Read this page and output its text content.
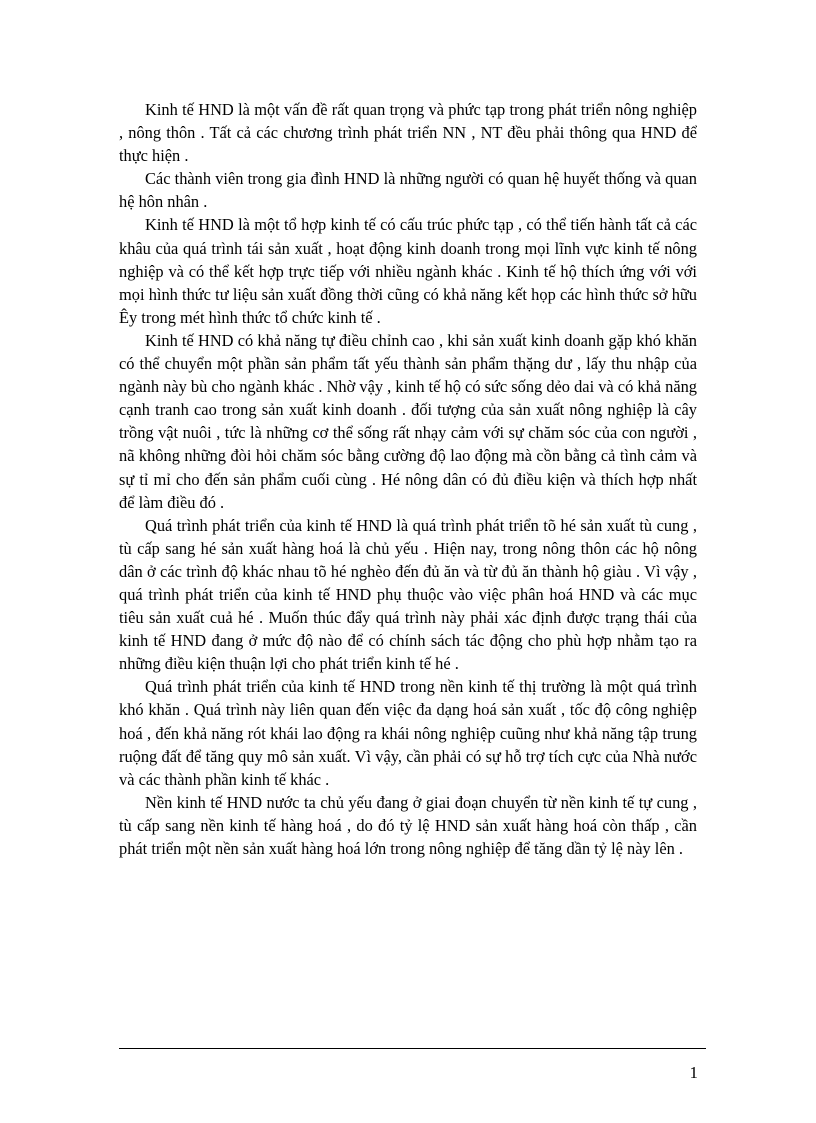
Kinh tế HND là một vấn đề rất quan trọng và phức tạp trong phát triển nông nghiệp , nông thôn . Tất cả các chương trình phát triển NN , NT đều phải thông qua HND để thực hiện .

Các thành viên trong gia đình HND là những người có quan hệ huyết thống và quan hệ hôn nhân .

Kinh tế HND là một tổ hợp kinh tế có cấu trúc phức tạp , có thể tiến hành tất cả các khâu của quá trình tái sản xuất , hoạt động kinh doanh trong mọi lĩnh vực kinh tế nông nghiệp và có thể kết hợp trực tiếp với nhiều ngành khác . Kinh tế hộ thích ứng với với mọi hình thức tư liệu sản xuất đồng thời cũng có khả năng kết họp các hình thức sở hữu Êy trong mét hình thức tổ chức kinh tế .

Kinh tế HND có khả năng tự điều chỉnh cao , khi sản xuất kinh doanh gặp khó khăn có thể chuyển một phần sản phẩm tất yếu thành sản phẩm thặng dư , lấy thu nhập của ngành này bù cho ngành khác . Nhờ vậy , kinh tế hộ có sức sống dẻo dai và có khả năng cạnh tranh cao trong sản xuất kinh doanh . đối tượng của sản xuất nông nghiệp là cây trồng vật nuôi , tức là những cơ thể sống rất nhạy cảm với sự chăm sóc của con người , nã không những đòi hỏi chăm sóc bằng cường độ lao động mà cồn bằng cả tình cảm và sự tỉ mỉ cho đến sản phẩm cuối cùng . Hé nông dân có đủ điều kiện và thích hợp nhất để làm điều đó .

Quá trình phát triển của kinh tế HND là quá trình phát triển tõ hé sản xuất tù cung , tù cấp sang hé sản xuất hàng hoá là chủ yếu . Hiện nay, trong nông thôn các hộ nông dân ở các trình độ khác nhau tõ hé nghèo đến đủ ăn và từ đủ ăn thành hộ giàu . Vì vậy , quá trình phát triển của kinh tế HND phụ thuộc vào việc phân hoá HND và các mục tiêu sản xuất cuả hé . Muốn thúc đẩy quá trình này phải xác định được trạng thái của kinh tế HND đang ở mức độ nào để có chính sách tác động cho phù hợp nhằm tạo ra những điều kiện thuận lợi cho phát triển kinh tế hé .

Quá trình phát triển của kinh tế HND trong nền kinh tế thị trường là một quá trình khó khăn . Quá trình này liên quan đến việc đa dạng hoá sản xuất , tốc độ công nghiệp hoá , đến khả năng rót khái lao động ra khái nông nghiệp cuũng như khả năng tập trung ruộng đất để tăng quy mô sản xuất. Vì vậy, cần phải có sự hỗ trợ tích cực của Nhà nước và các thành phần kinh tế khác .

Nền kinh tế HND nước ta chủ yếu đang ở giai đoạn chuyển từ nền kinh tế tự cung , tù cấp sang nền kinh tế hàng hoá , do đó tỷ lệ HND sản xuất hàng hoá còn thấp , cần phát triển một nền sản xuất hàng hoá lớn trong nông nghiệp để tăng dần tỷ lệ này lên .

1
